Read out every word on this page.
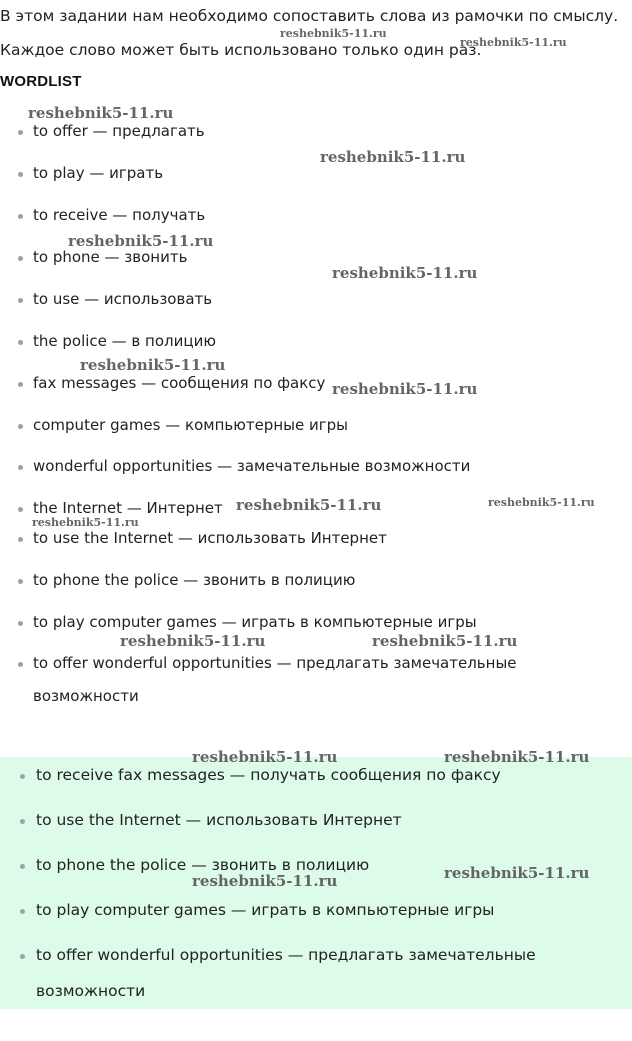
В этом задании нам необходимо сопоставить слова из рамочки по смыслу.
Каждое слово может быть использовано только один раз.
WORDLIST
to offer — предлагать
to play — играть
to receive — получать
to phone — звонить
to use — использовать
the police — в полицию
fax messages — сообщения по факсу
computer games — компьютерные игры
wonderful opportunities — замечательные возможности
the Internet — Интернет
to use the Internet — использовать Интернет
to phone the police — звонить в полицию
to play computer games — играть в компьютерные игры
to offer wonderful opportunities — предлагать замечательные
возможности
to receive fax messages — получать сообщения по факсу
to use the Internet — использовать Интернет
to phone the police — звонить в полицию
to play computer games — играть в компьютерные игры
to offer wonderful opportunities — предлагать замечательные
возможности
reshebnik5-11.ru
reshebnik5-11.ru
reshebnik5-11.ru
reshebnik5-11.ru
reshebnik5-11.ru
reshebnik5-11.ru
reshebnik5-11.ru
reshebnik5-11.ru
reshebnik5-11.ru	reshebnik5-11.ru
reshebnik5-11.ru
reshebnik5-11.ru	reshebnik5-11.ru
reshebnik5-11.ru	reshebnik5-11.ru
reshebnik5-11.ru	reshebnik5-11.ru
